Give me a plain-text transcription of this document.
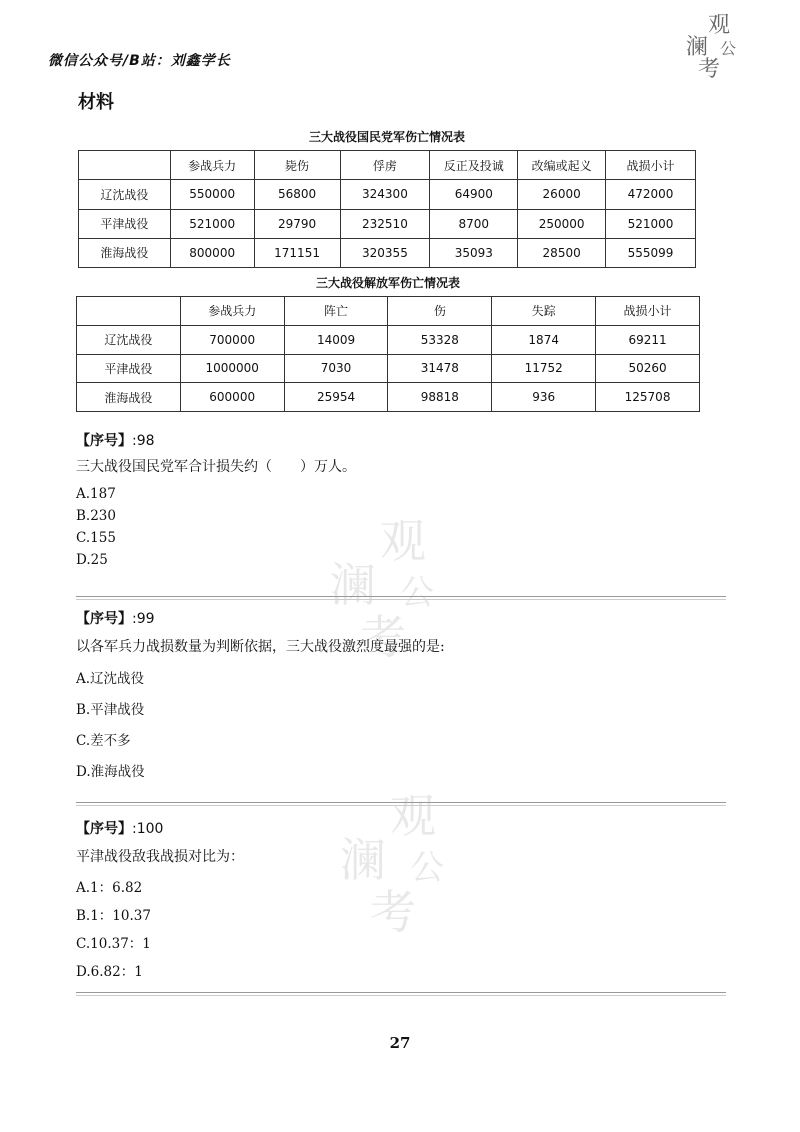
微信公众号/B站：刘鑫学长
观
澜 公
考
观
澜 公
考
观
澜 公
考
材料
三大战役国民党军伤亡情况表
	参战兵力	毙伤	俘虏	反正及投诚	改编或起义	战损小计
辽沈战役	550000	56800	324300	64900	26000	472000
平津战役	521000	29790	232510	8700	250000	521000
淮海战役	800000	171151	320355	35093	28500	555099
三大战役解放军伤亡情况表
	参战兵力	阵亡	伤	失踪	战损小计
辽沈战役	700000	14009	53328	1874	69211
平津战役	1000000	7030	31478	11752	50260
淮海战役	600000	25954	98818	936	125708

【序号】:98

三大战役国民党军合计损失约（　　）万人。

A.187

B.230

C.155

D.25

【序号】:99

以各军兵力战损数量为判断依据，三大战役激烈度最强的是:

A.辽沈战役

B.平津战役

C.差不多

D.淮海战役

【序号】:100

平津战役敌我战损对比为：

A.1：6.82

B.1：10.37

C.10.37：1

D.6.82：1

27
